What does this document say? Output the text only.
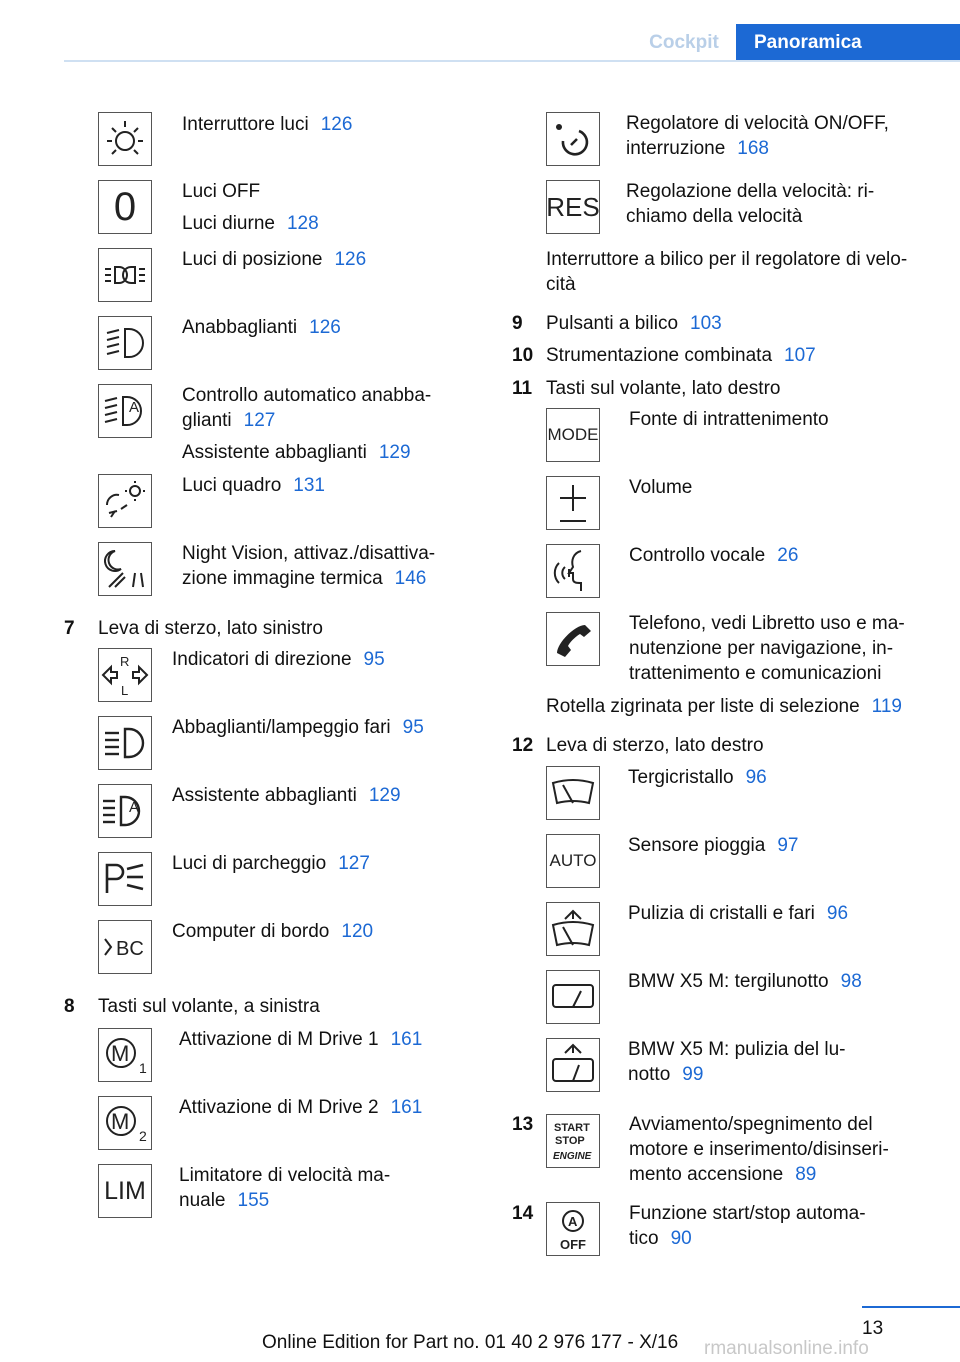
Cockpit	Panoramica
Interruttore luci 126
0 Luci OFF
Luci diurne 128
Luci di posizione 126
Anabbaglianti 126
A
Controllo automatico anabba-
glianti 127
Assistente abbaglianti 129
Luci quadro 131
Night Vision, attivaz./disattiva-
zione immagine termica 146
7 Leva di sterzo, lato sinistro
R
L
Indicatori di direzione 95
Abbaglianti/lampeggio fari 95
A
Assistente abbaglianti 129
Luci di parcheggio 127
BC
Computer di bordo 120
8 Tasti sul volante, a sinistra
M
1
Attivazione di M Drive 1 161
M
2
Attivazione di M Drive 2 161
LIM
Limitatore di velocità ma-
nuale 155
Regolatore di velocità ON/OFF,
interruzione 168
RES Regolazione della velocità: ri-
chiamo della velocità
Interruttore a bilico per il regolatore di velo-
cità
9 Pulsanti a bilico 103
10 Strumentazione combinata 107
11 Tasti sul volante, lato destro
MODE
Fonte di intrattenimento
Volume
Controllo vocale 26
Telefono, vedi Libretto uso e ma-
nutenzione per navigazione, in-
trattenimento e comunicazioni
Rotella zigrinata per liste di selezione 119
12 Leva di sterzo, lato destro
Tergicristallo 96
AUTO
Sensore pioggia 97
Pulizia di cristalli e fari 96
BMW X5 M: tergilunotto 98
BMW X5 M: pulizia del lu-
notto 99
13 START
STOP
ENGINE
Avviamento/spegnimento del
motore e inserimento/disinseri-
mento accensione 89
14	A
OFF
Funzione start/stop automa-
tico 90
13
Online Edition for Part no. 01 40 2 976 177 - X/16 rmanualsonline.info
